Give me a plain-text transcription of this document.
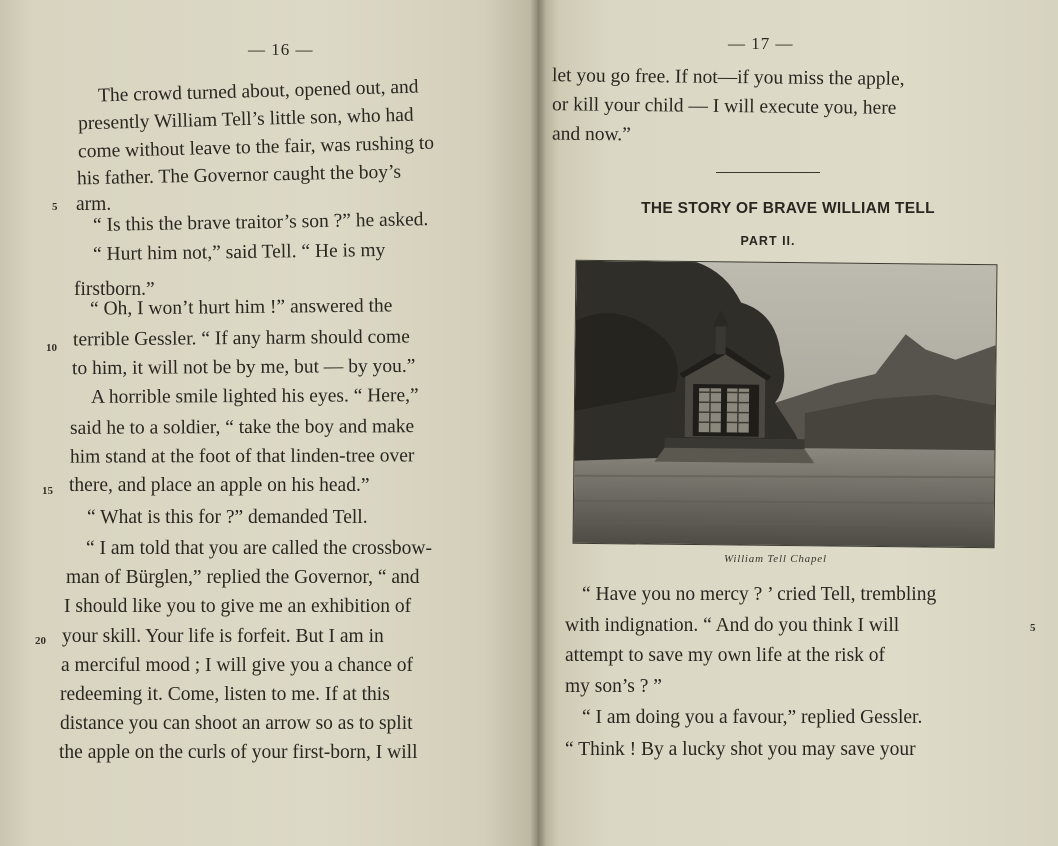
— 16 —
The crowd turned about, opened out, and
presently William Tell’s little son, who had
come without leave to the fair, was rushing to
his father. The Governor caught the boy’s
5 arm.
“ Is this the brave traitor’s son ?” he asked.
“ Hurt him not,” said Tell. “ He is my
firstborn.”
“ Oh, I won’t hurt him !” answered the
10 terrible Gessler. “ If any harm should come
to him, it will not be by me, but — by you.”
A horrible smile lighted his eyes. “ Here,”
said he to a soldier, “ take the boy and make
him stand at the foot of that linden-tree over
15 there, and place an apple on his head.”
“ What is this for ?” demanded Tell.
“ I am told that you are called the crossbow-
man of Bürglen,” replied the Governor, “ and
I should like you to give me an exhibition of
20 your skill. Your life is forfeit. But I am in
a merciful mood ; I will give you a chance of
redeeming it. Come, listen to me. If at this
distance you can shoot an arrow so as to split
the apple on the curls of your first-born, I will
— 17 —
let you go free. If not—if you miss the apple,
or kill your child — I will execute you, here
and now.”
THE STORY OF BRAVE WILLIAM TELL
PART II.
William Tell Chapel
“ Have you no mercy ? ’ cried Tell, trembling
5
with indignation. “ And do you think I will
attempt to save my own life at the risk of
my son’s ? ”
“ I am doing you a favour,” replied Gessler.
“ Think ! By a lucky shot you may save your
